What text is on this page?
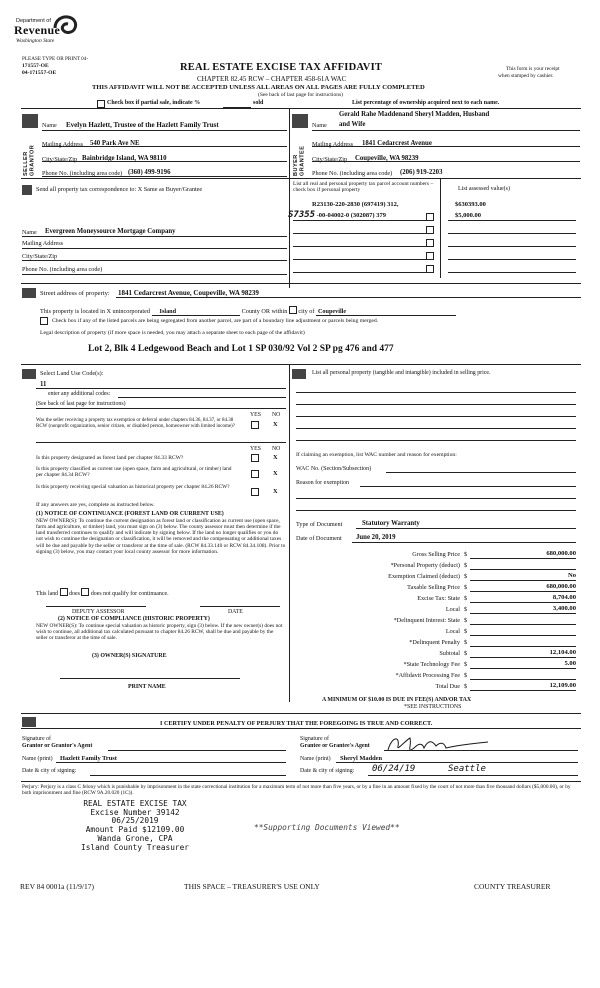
Department of
Revenue
Washington State
PLEASE TYPE OR PRINT 04-
171557-OE
04-171557-OE	REAL ESTATE EXCISE TAX AFFIDAVIT
CHAPTER 82.45 RCW – CHAPTER 458-61A WAC
This form is your receipt
when stamped by cashier.
THIS AFFIDAVIT WILL NOT BE ACCEPTED UNLESS ALL AREAS ON ALL PAGES ARE FULLY COMPLETED
(See back of last page for instructions)
Check box if partial sale, indicate %	sold	List percentage of ownership acquired next to each name.
SELLER GRANTOR
Name Evelyn Hazlett, Trustee of the Hazlett Family Trust
Mailing Address 540 Park Ave NE
City/State/Zip Bainbridge Island, WA 98110
Phone No. (including area code) (360) 499-9196	BUYER GRANTEE
Gerald Rahe Maddenand Sheryl Madden, Husband
Name and Wife
Mailing Address 1841 Cedarcrest Avenue
City/State/Zip Coupeville, WA 98239
Phone No. (including area code) (206) 919-2203
Send all property tax correspondence to: X Same as Buyer/Grantee
Name Evergreen Moneysource Mortgage Company
Mailing Address
City/State/Zip
Phone No. (including area code)
List all real and personal property tax parcel account numbers – check box if personal property	List assessed value(s)
R23130-220-2830 (697419) 312,	$630393.00
S7355 -00-04002-0 (302087) 379	$5,000.00
Street address of property: 1841 Cedarcrest Avenue, Coupeville, WA 98239
This property is located in X unincorporated Island	County OR within city of Coupeville
Check box if any of the listed parcels are being segregated from another parcel, are part of a boundary line adjustment or parcels being merged.
Legal description of property (if more space is needed, you may attach a separate sheet to each page of the affidavit)
Lot 2, Blk 4 Ledgewood Beach and Lot 1 SP 030/92 Vol 2 SP pg 476 and 477
Select Land Use Code(s):
11
enter any additional codes:
(See back of last page for instructions)
YES NO
Was the seller receiving a property tax exemption or deferral under chapters 84.36, 84.37, or 84.38 RCW (nonprofit organization, senior citizen, or disabled person, homeowner with limited income)?	X
YES NO
Is this property designated as forest land per chapter 84.33 RCW?	X
Is this property classified as current use (open space, farm and agricultural, or timber) land per chapter 84.34 RCW?	X
Is this property receiving special valuation as historical property per chapter 84.26 RCW?
X
If any answers are yes, complete as instructed below.
(1) NOTICE OF CONTINUANCE (FOREST LAND OR CURRENT USE)
NEW OWNER(S): To continue the current designation as forest land or classification as current use (open space, farm and agriculture, or timber) land, you must sign on (3) below. The county assessor must then determine if the land transferred continues to qualify and will indicate by signing below. If the land no longer qualifies or you do not wish to continue the designation or classification, it will be removed and the compensating or additional taxes will be due and payable by the seller or transferor at the time of sale. (RCW 84.33.140 or RCW 84.34.108). Prior to signing (3) below, you may contact your local county assessor for more information.
This land does does not qualify for continuance.
DEPUTY ASSESSOR	DATE
(2) NOTICE OF COMPLIANCE (HISTORIC PROPERTY)
NEW OWNER(S): To continue special valuation as historic property, sign (3) below. If the new owner(s) does not wish to continue, all additional tax calculated pursuant to chapter 84.26 RCW, shall be due and payable by the seller or transferor at the time of sale.
(3) OWNER(S) SIGNATURE
PRINT NAME
List all personal property (tangible and intangible) included in selling price.
If claiming an exemption, list WAC number and reason for exemption:
WAC No. (Section/Subsection)
Reason for exemption
Type of Document	Statutory Warranty
Date of Document June 20, 2019
Gross Selling Price $	680,000.00
*Personal Property (deduct) $
Exemption Claimed (deduct) $	No
Taxable Selling Price $	680,000.00
Excise Tax: State $	8,704.00
Local $	3,400.00
*Delinquent Interest: State $
Local $
*Delinquent Penalty $
Subtotal $	12,104.00
*State Technology Fee $	5.00
*Affidavit Processing Fee $
Total Due $	12,109.00
A MINIMUM OF $10.00 IS DUE IN FEE(S) AND/OR TAX
*SEE INSTRUCTIONS
I CERTIFY UNDER PENALTY OF PERJURY THAT THE FOREGOING IS TRUE AND CORRECT.
Signature of
Grantor or Grantor's Agent
Name (print) Hazlett Family Trust
Date & city of signing:
Signature of
Grantee or Grantee's Agent
Name (print) Sheryl Madden
Date & city of signing: 06/24/19	Seattle
Perjury: Perjury is a class C felony which is punishable by imprisonment in the state correctional institution for a maximum term of not more than five years, or by a fine in an amount fixed by the court of not more than five thousand dollars ($5,000.00), or by both imprisonment and fine (RCW 9A.20.020 (1C)).
REAL ESTATE EXCISE TAX
Excise Number 39142
06/25/2019
Amount Paid $12109.00
Wanda Grone, CPA
Island County Treasurer
**Supporting Documents Viewed**
REV 84 0001a (11/9/17)	THIS SPACE – TREASURER'S USE ONLY	COUNTY TREASURER
